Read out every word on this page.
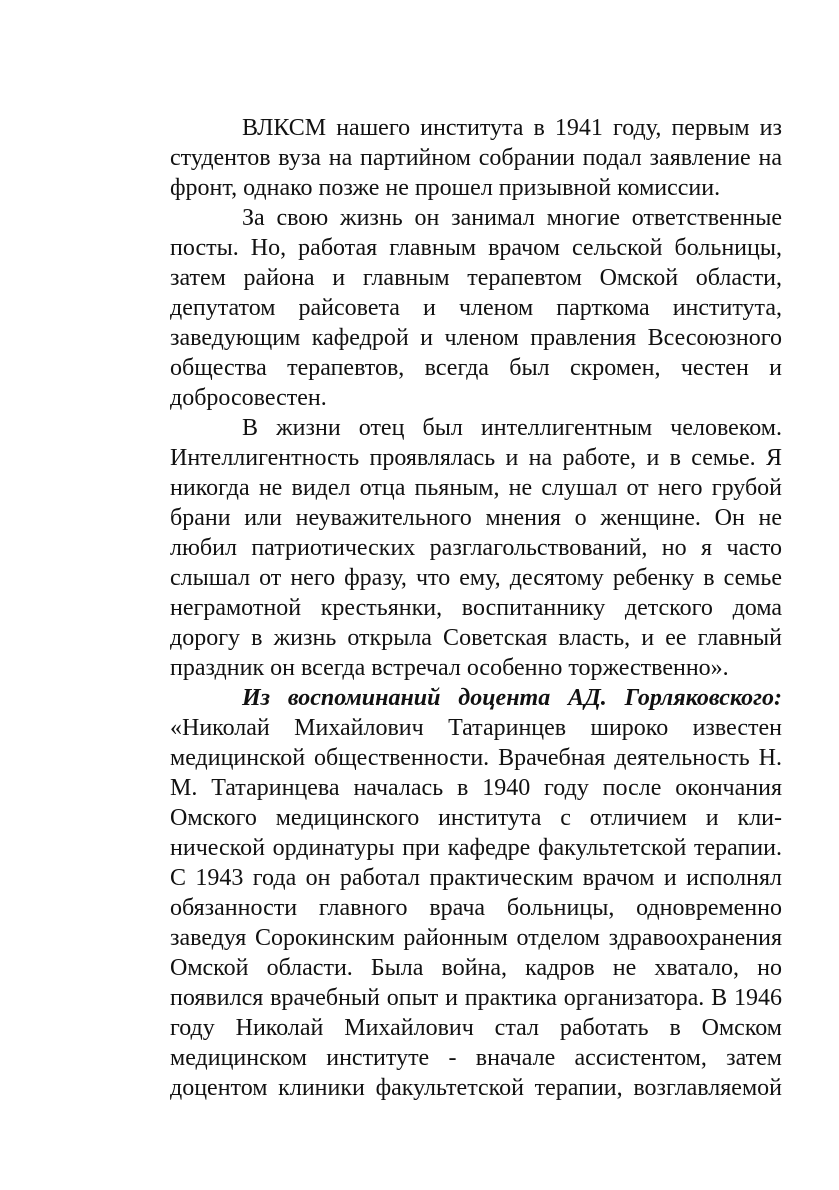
ВЛКСМ нашего института в 1941 году, первым из
студентов вуза на партийном собрании подал заявление на
фронт, однако позже не прошел призывной комиссии.
За свою жизнь он занимал многие ответственные
посты. Но, работая главным врачом сельской больницы,
затем района и главным терапевтом Омской области,
депутатом райсовета и членом парткома института,
заведующим кафедрой и членом правления Всесоюзного
общества терапевтов, всегда был скромен, честен и
добросовестен.
В жизни отец был интеллигентным человеком.
Интеллигентность проявлялась и на работе, и в семье. Я
никогда не видел отца пьяным, не слушал от него грубой
брани или неуважительного мнения о женщине. Он не
любил патриотических разглагольствований, но я часто
слышал от него фразу, что ему, десятому ребенку в семье
неграмотной крестьянки, воспитаннику детского дома
дорогу в жизнь открыла Советская власть, и ее главный
праздник он всегда встречал особенно торжественно».
Из воспоминаний доцента АД. Горляковского:
«Николай Михайлович Татаринцев широко известен
медицинской общественности. Врачебная деятельность Н.
М. Татаринцева началась в 1940 году после окончания
Омского медицинского института с отличием и кли-
нической ординатуры при кафедре факультетской терапии.
С 1943 года он работал практическим врачом и исполнял
обязанности главного врача больницы, одновременно
заведуя Сорокинским районным отделом здравоохранения
Омской области. Была война, кадров не хватало, но
появился врачебный опыт и практика организатора. В 1946
году Николай Михайлович стал работать в Омском
медицинском институте - вначале ассистентом, затем
доцентом клиники факультетской терапии, возглавляемой
